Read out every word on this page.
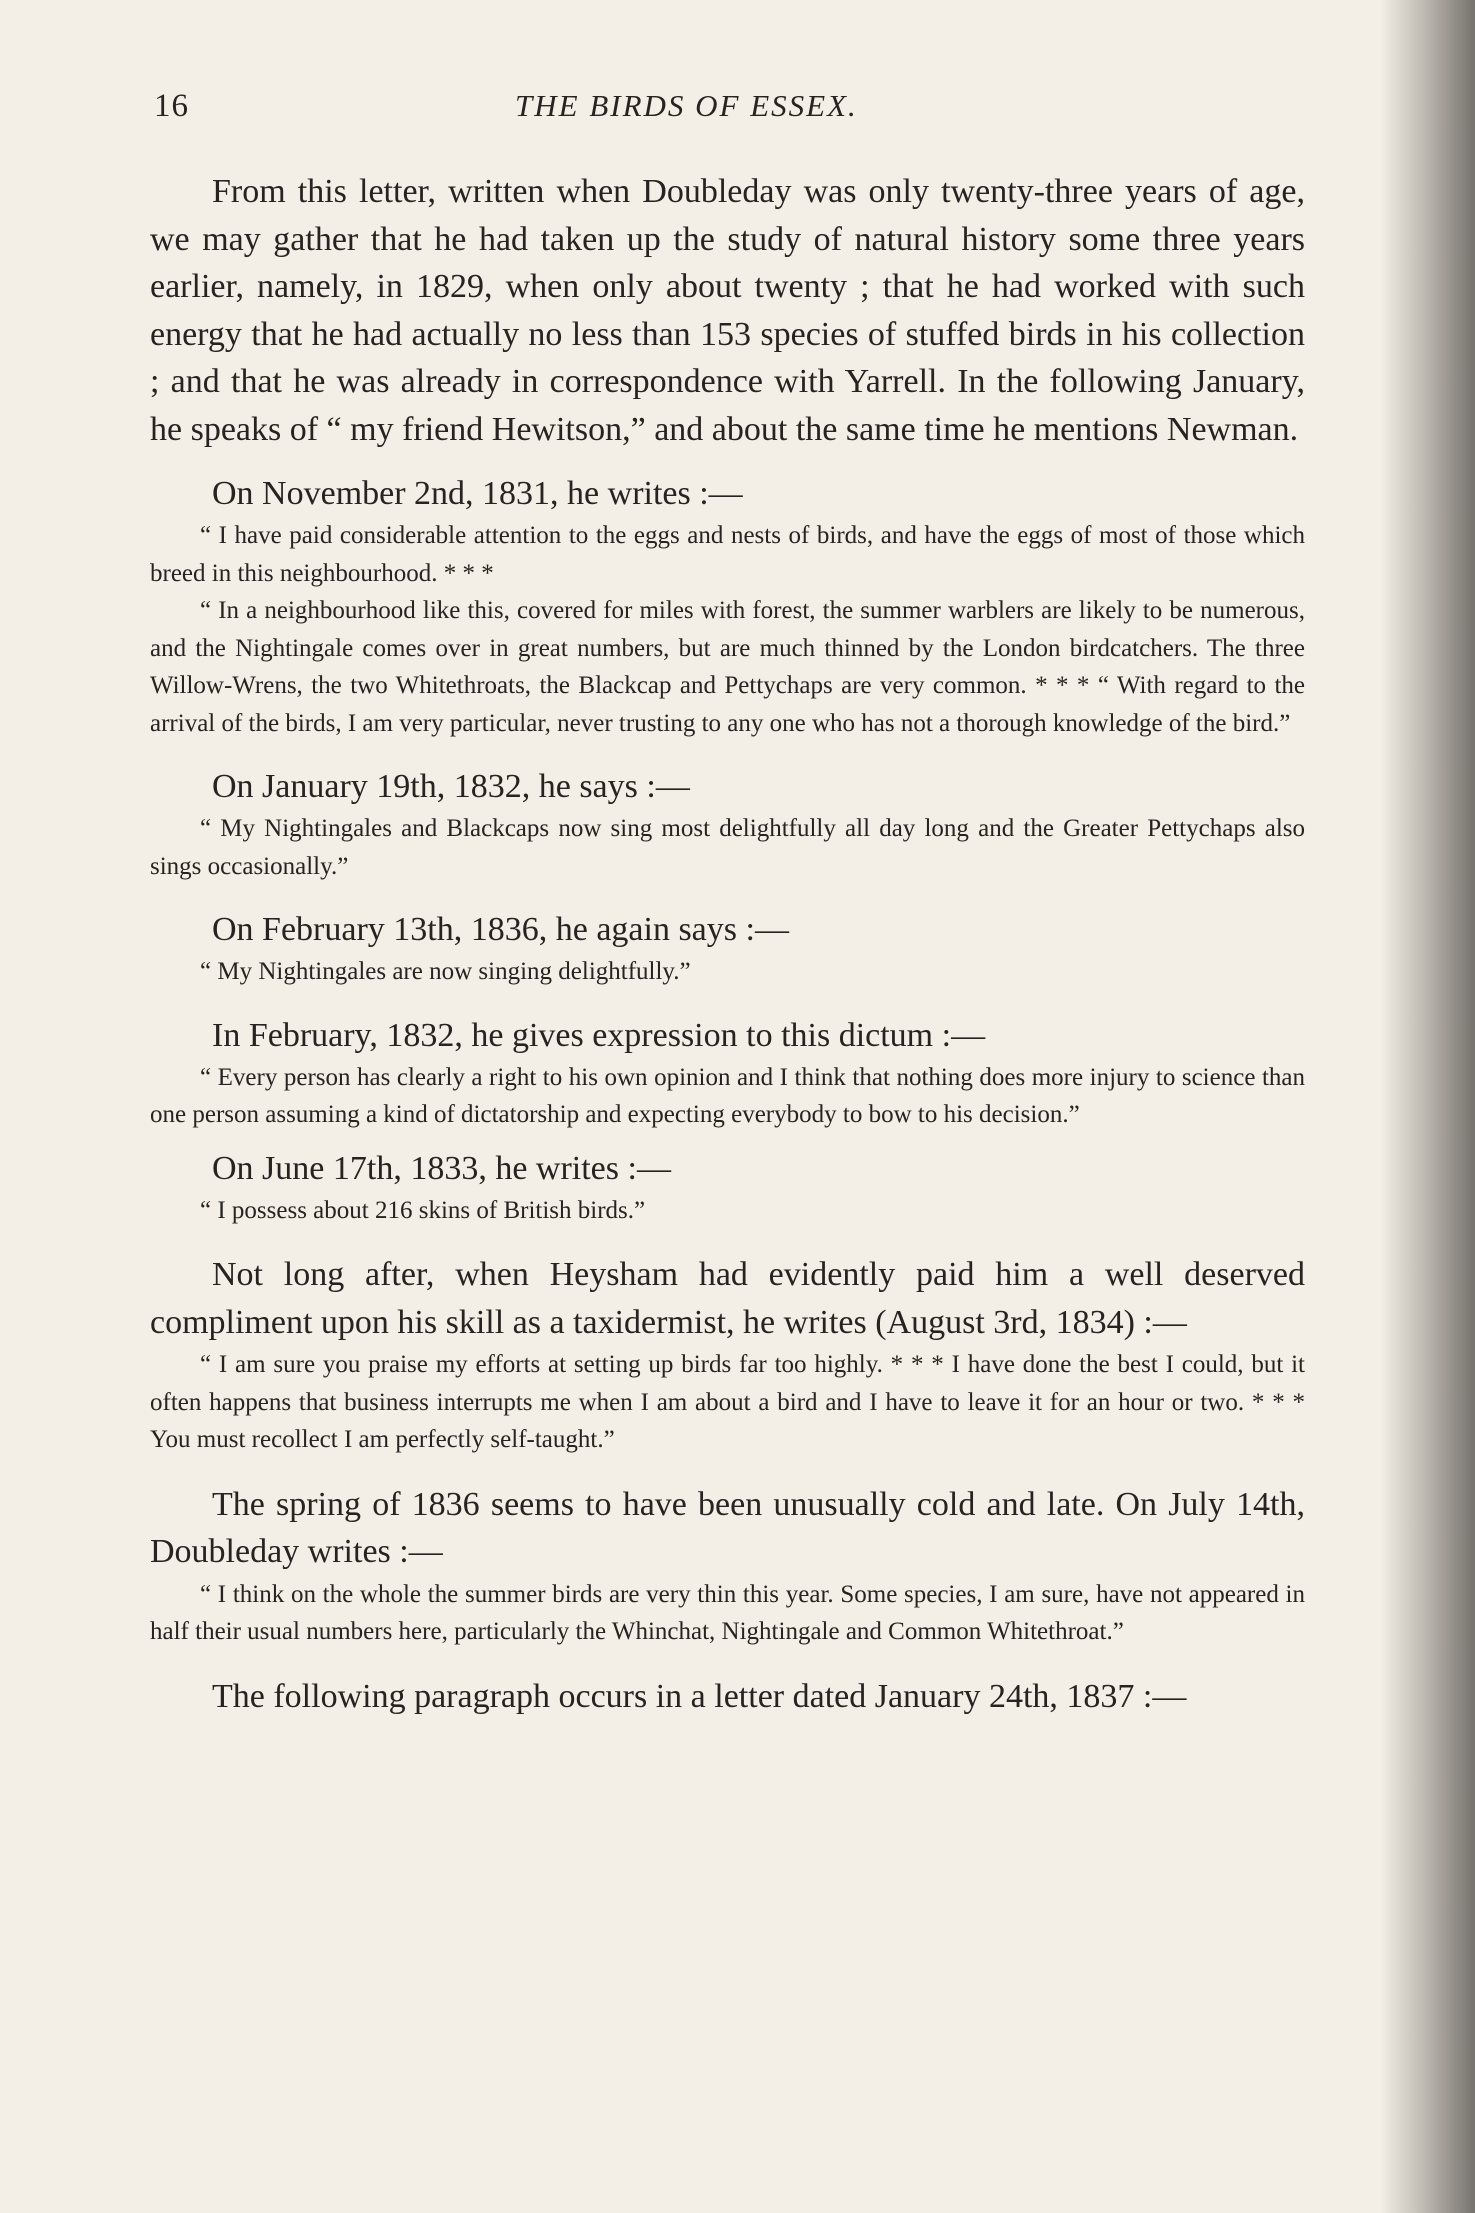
16	THE BIRDS OF ESSEX.

From this letter, written when Doubleday was only twenty-three years of age, we may gather that he had taken up the study of natural history some three years earlier, namely, in 1829, when only about twenty ; that he had worked with such energy that he had actually no less than 153 species of stuffed birds in his collection ; and that he was already in correspondence with Yarrell. In the following January, he speaks of “ my friend Hewitson,” and about the same time he mentions Newman.

On November 2nd, 1831, he writes :—

“ I have paid considerable attention to the eggs and nests of birds, and have the eggs of most of those which breed in this neighbourhood. * * *

“ In a neighbourhood like this, covered for miles with forest, the summer warblers are likely to be numerous, and the Nightingale comes over in great numbers, but are much thinned by the London birdcatchers. The three Willow-Wrens, the two Whitethroats, the Blackcap and Pettychaps are very common. * * * “ With regard to the arrival of the birds, I am very particular, never trusting to any one who has not a thorough knowledge of the bird.”

On January 19th, 1832, he says :—

“ My Nightingales and Blackcaps now sing most delightfully all day long and the Greater Pettychaps also sings occasionally.”

On February 13th, 1836, he again says :—

“ My Nightingales are now singing delightfully.”

In February, 1832, he gives expression to this dictum :—

“ Every person has clearly a right to his own opinion and I think that nothing does more injury to science than one person assuming a kind of dictatorship and expecting everybody to bow to his decision.”

On June 17th, 1833, he writes :—

“ I possess about 216 skins of British birds.”

Not long after, when Heysham had evidently paid him a well deserved compliment upon his skill as a taxidermist, he writes (August 3rd, 1834) :—

“ I am sure you praise my efforts at setting up birds far too highly. * * * I have done the best I could, but it often happens that business interrupts me when I am about a bird and I have to leave it for an hour or two. * * * You must recollect I am perfectly self-taught.”

The spring of 1836 seems to have been unusually cold and late. On July 14th, Doubleday writes :—

“ I think on the whole the summer birds are very thin this year. Some species, I am sure, have not appeared in half their usual numbers here, particularly the Whinchat, Nightingale and Common Whitethroat.”

The following paragraph occurs in a letter dated January 24th, 1837 :—
